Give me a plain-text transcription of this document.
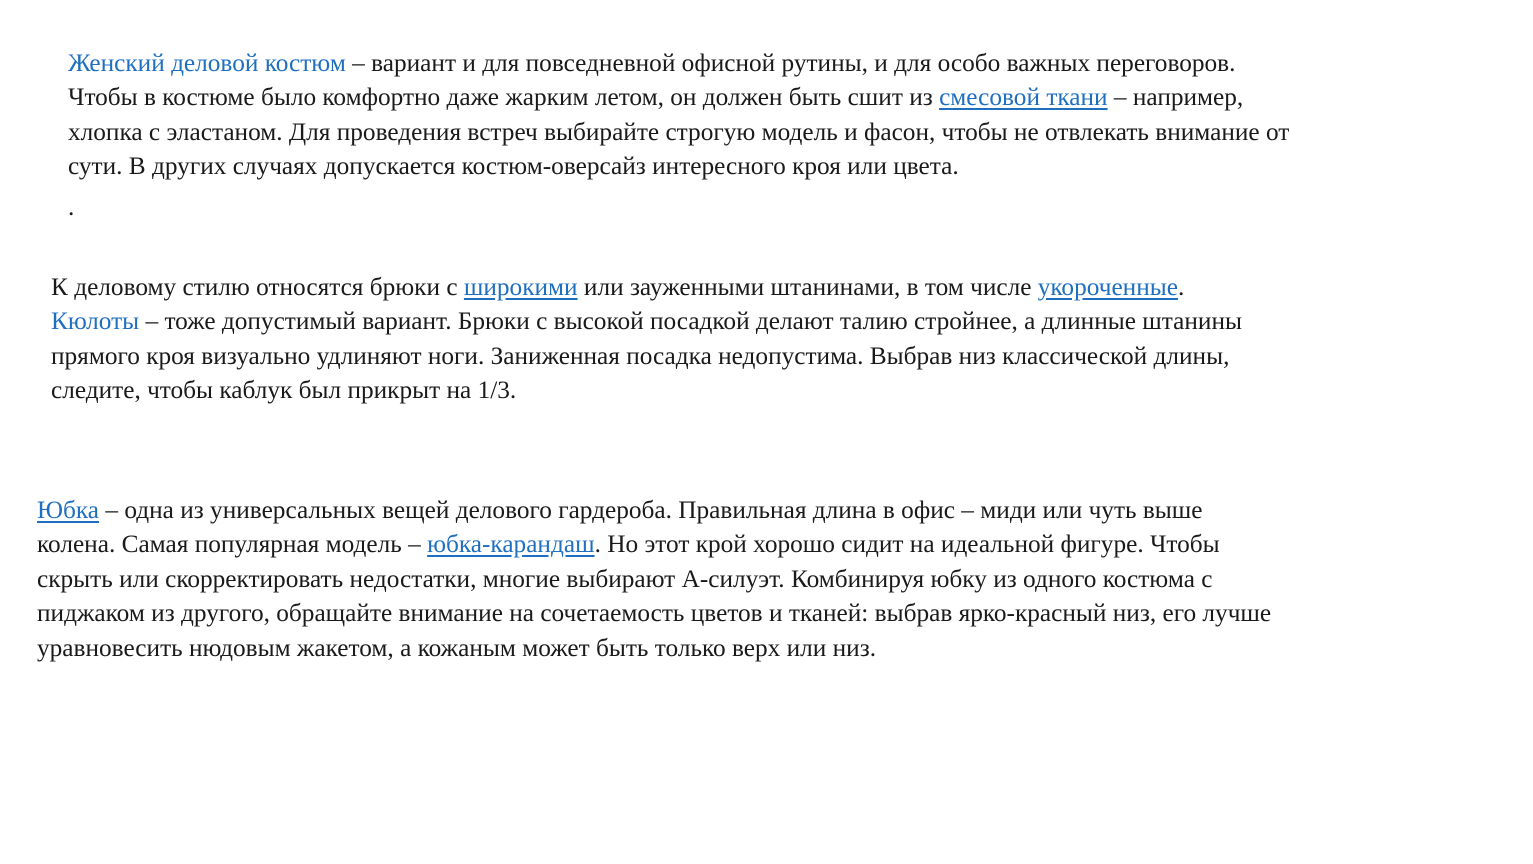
Женский деловой костюм – вариант и для повседневной офисной рутины, и для особо важных переговоров.
Чтобы в костюме было комфортно даже жарким летом, он должен быть сшит из смесовой ткани – например,
хлопка с эластаном. Для проведения встреч выбирайте строгую модель и фасон, чтобы не отвлекать внимание от
сути. В других случаях допускается костюм-оверсайз интересного кроя или цвета.
.
К деловому стилю относятся брюки с широкими или зауженными штанинами, в том числе укороченные.
Кюлоты – тоже допустимый вариант. Брюки с высокой посадкой делают талию стройнее, а длинные штанины
прямого кроя визуально удлиняют ноги. Заниженная посадка недопустима. Выбрав низ классической длины,
следите, чтобы каблук был прикрыт на 1/3.
Юбка – одна из универсальных вещей делового гардероба. Правильная длина в офис – миди или чуть выше
колена. Самая популярная модель – юбка-карандаш. Но этот крой хорошо сидит на идеальной фигуре. Чтобы
скрыть или скорректировать недостатки, многие выбирают А-силуэт. Комбинируя юбку из одного костюма с
пиджаком из другого, обращайте внимание на сочетаемость цветов и тканей: выбрав ярко-красный низ, его лучше
уравновесить нюдовым жакетом, а кожаным может быть только верх или низ.
